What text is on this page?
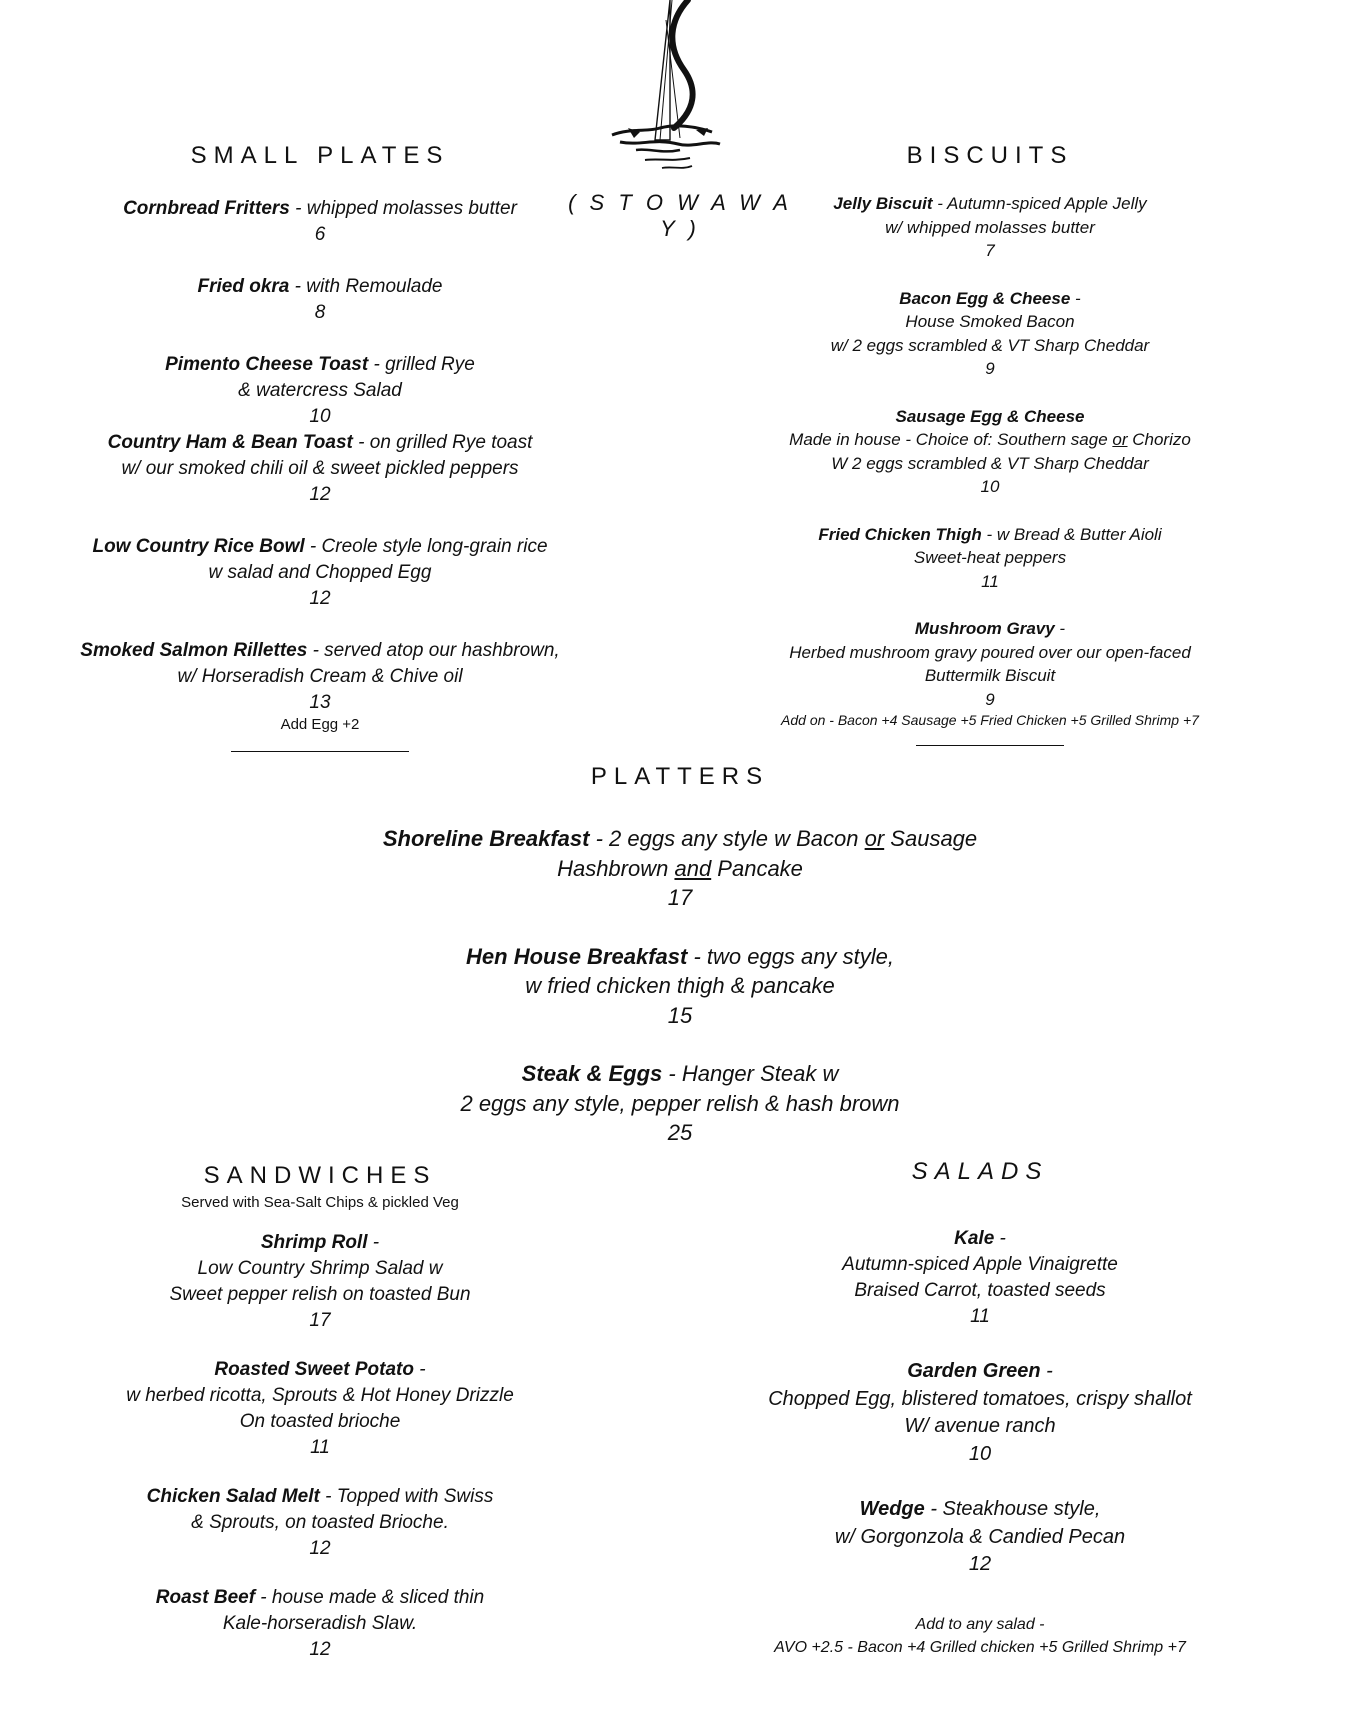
( S T O W A W A Y )
SMALL PLATES
Cornbread Fritters - whipped molasses butter
6
Fried okra - with Remoulade
8
Pimento Cheese Toast - grilled Rye
& watercress Salad
10
Country Ham & Bean Toast - on grilled Rye toast
w/ our smoked chili oil & sweet pickled peppers
12
Low Country Rice Bowl - Creole style long-grain rice
w salad and Chopped Egg
12
Smoked Salmon Rillettes - served atop our hashbrown,
w/ Horseradish Cream & Chive oil
13
Add Egg +2
BISCUITS
Jelly Biscuit - Autumn-spiced Apple Jelly
w/ whipped molasses butter
7
Bacon Egg & Cheese -
House Smoked Bacon
w/ 2 eggs scrambled & VT Sharp Cheddar
9
Sausage Egg & Cheese
Made in house - Choice of: Southern sage or Chorizo
W 2 eggs scrambled & VT Sharp Cheddar
10
Fried Chicken Thigh - w Bread & Butter Aioli
Sweet-heat peppers
11
Mushroom Gravy -
Herbed mushroom gravy poured over our open-faced
Buttermilk Biscuit
9
Add on - Bacon +4 Sausage +5 Fried Chicken +5 Grilled Shrimp +7
PLATTERS
Shoreline Breakfast - 2 eggs any style w Bacon or Sausage
Hashbrown and Pancake
17
Hen House Breakfast - two eggs any style,
w fried chicken thigh & pancake
15
Steak & Eggs - Hanger Steak w
2 eggs any style, pepper relish & hash brown
25
SANDWICHES
Served with Sea-Salt Chips & pickled Veg
Shrimp Roll -
Low Country Shrimp Salad w
Sweet pepper relish on toasted Bun
17
Roasted Sweet Potato -
w herbed ricotta, Sprouts & Hot Honey Drizzle
On toasted brioche
11
Chicken Salad Melt - Topped with Swiss
& Sprouts, on toasted Brioche.
12
Roast Beef - house made & sliced thin
Kale-horseradish Slaw.
12
SALADS
Kale -
Autumn-spiced Apple Vinaigrette
Braised Carrot, toasted seeds
11
Garden Green -
Chopped Egg, blistered tomatoes, crispy shallot
W/ avenue ranch
10
Wedge - Steakhouse style,
w/ Gorgonzola & Candied Pecan
12
Add to any salad -
AVO +2.5 - Bacon +4 Grilled chicken +5 Grilled Shrimp +7
